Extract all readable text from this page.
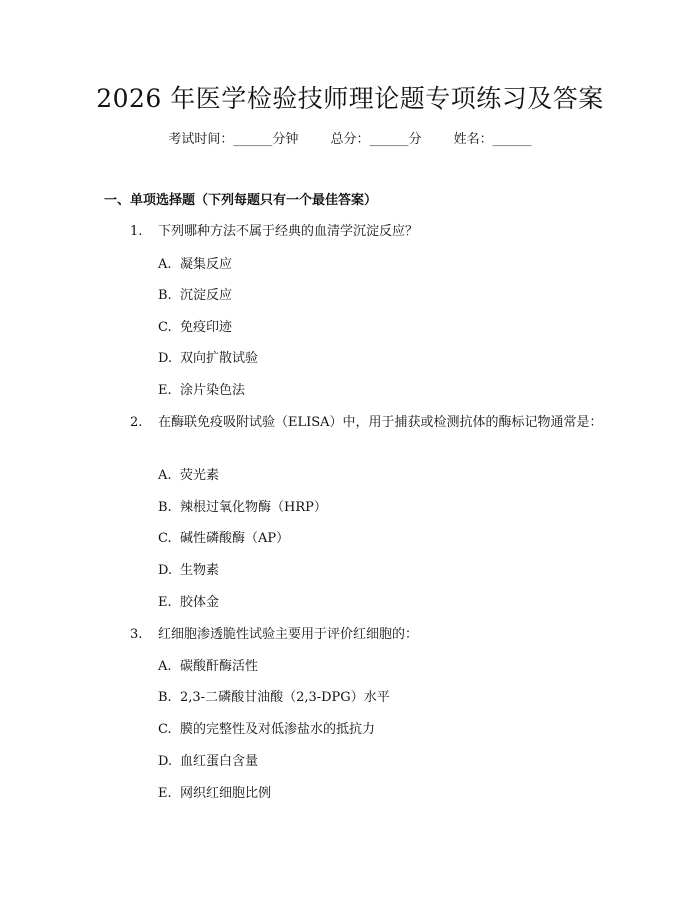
2026 年医学检验技师理论题专项练习及答案
考试时间：______分钟 总分：______分 姓名：______
一、单项选择题（下列每题只有一个最佳答案）
1.	下列哪种方法不属于经典的血清学沉淀反应？
A. 凝集反应
B. 沉淀反应
C. 免疫印迹
D. 双向扩散试验
E. 涂片染色法
2.	在酶联免疫吸附试验（ELISA）中，用于捕获或检测抗体的酶标记物通常是：
A. 荧光素
B. 辣根过氧化物酶（HRP）
C. 碱性磷酸酶（AP）
D. 生物素
E. 胶体金
3.	红细胞渗透脆性试验主要用于评价红细胞的：
A. 碳酸酐酶活性
B. 2,3-二磷酸甘油酸（2,3-DPG）水平
C. 膜的完整性及对低渗盐水的抵抗力
D. 血红蛋白含量
E. 网织红细胞比例
